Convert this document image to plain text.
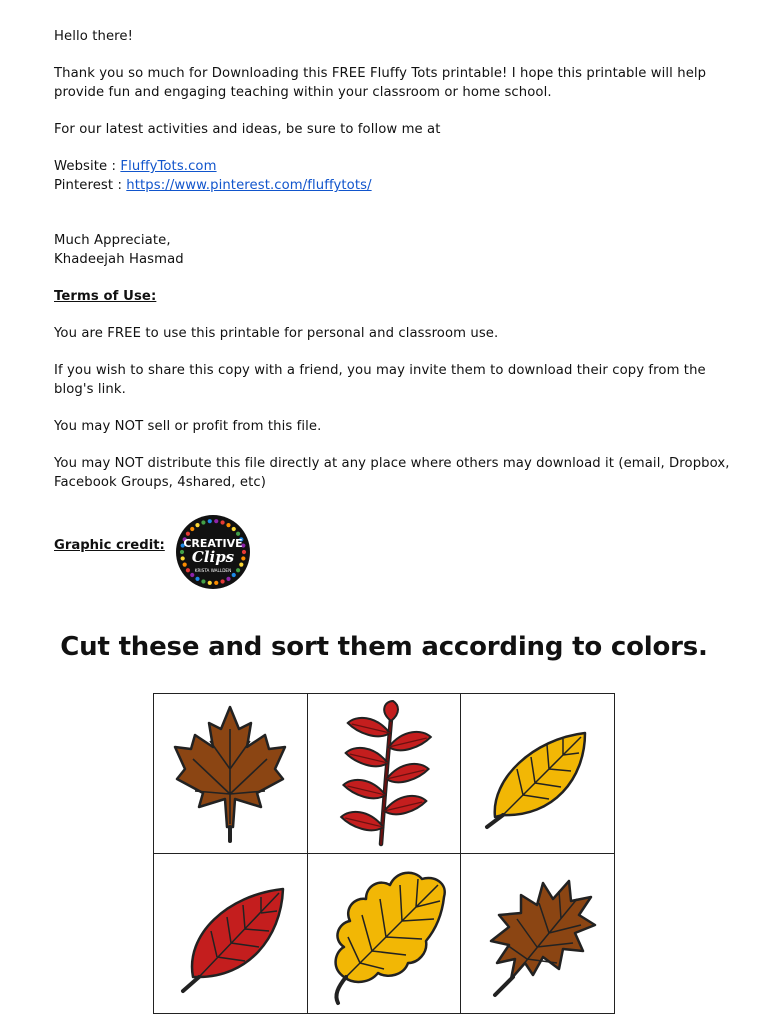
Hello there!

Thank you so much for Downloading this FREE Fluffy Tots printable! I hope this printable will help provide fun and engaging teaching within your classroom or home school.

For our latest activities and ideas, be sure to follow me at

Website : FluffyTots.com

Pinterest : https://www.pinterest.com/fluffytots/

Much Appreciate,

Khadeejah Hasmad

Terms of Use:

You are FREE to use this printable for personal and classroom use.

If you wish to share this copy with a friend, you may invite them to download their copy from the blog's link.

You may NOT sell or profit from this file.

You may NOT distribute this file directly at any place where others may download it (email, Dropbox, Facebook Groups, 4shared, etc)

Graphic credit: CREATIVE
Clips
KRISTA WALLDEN
Cut these and sort them according to colors.
